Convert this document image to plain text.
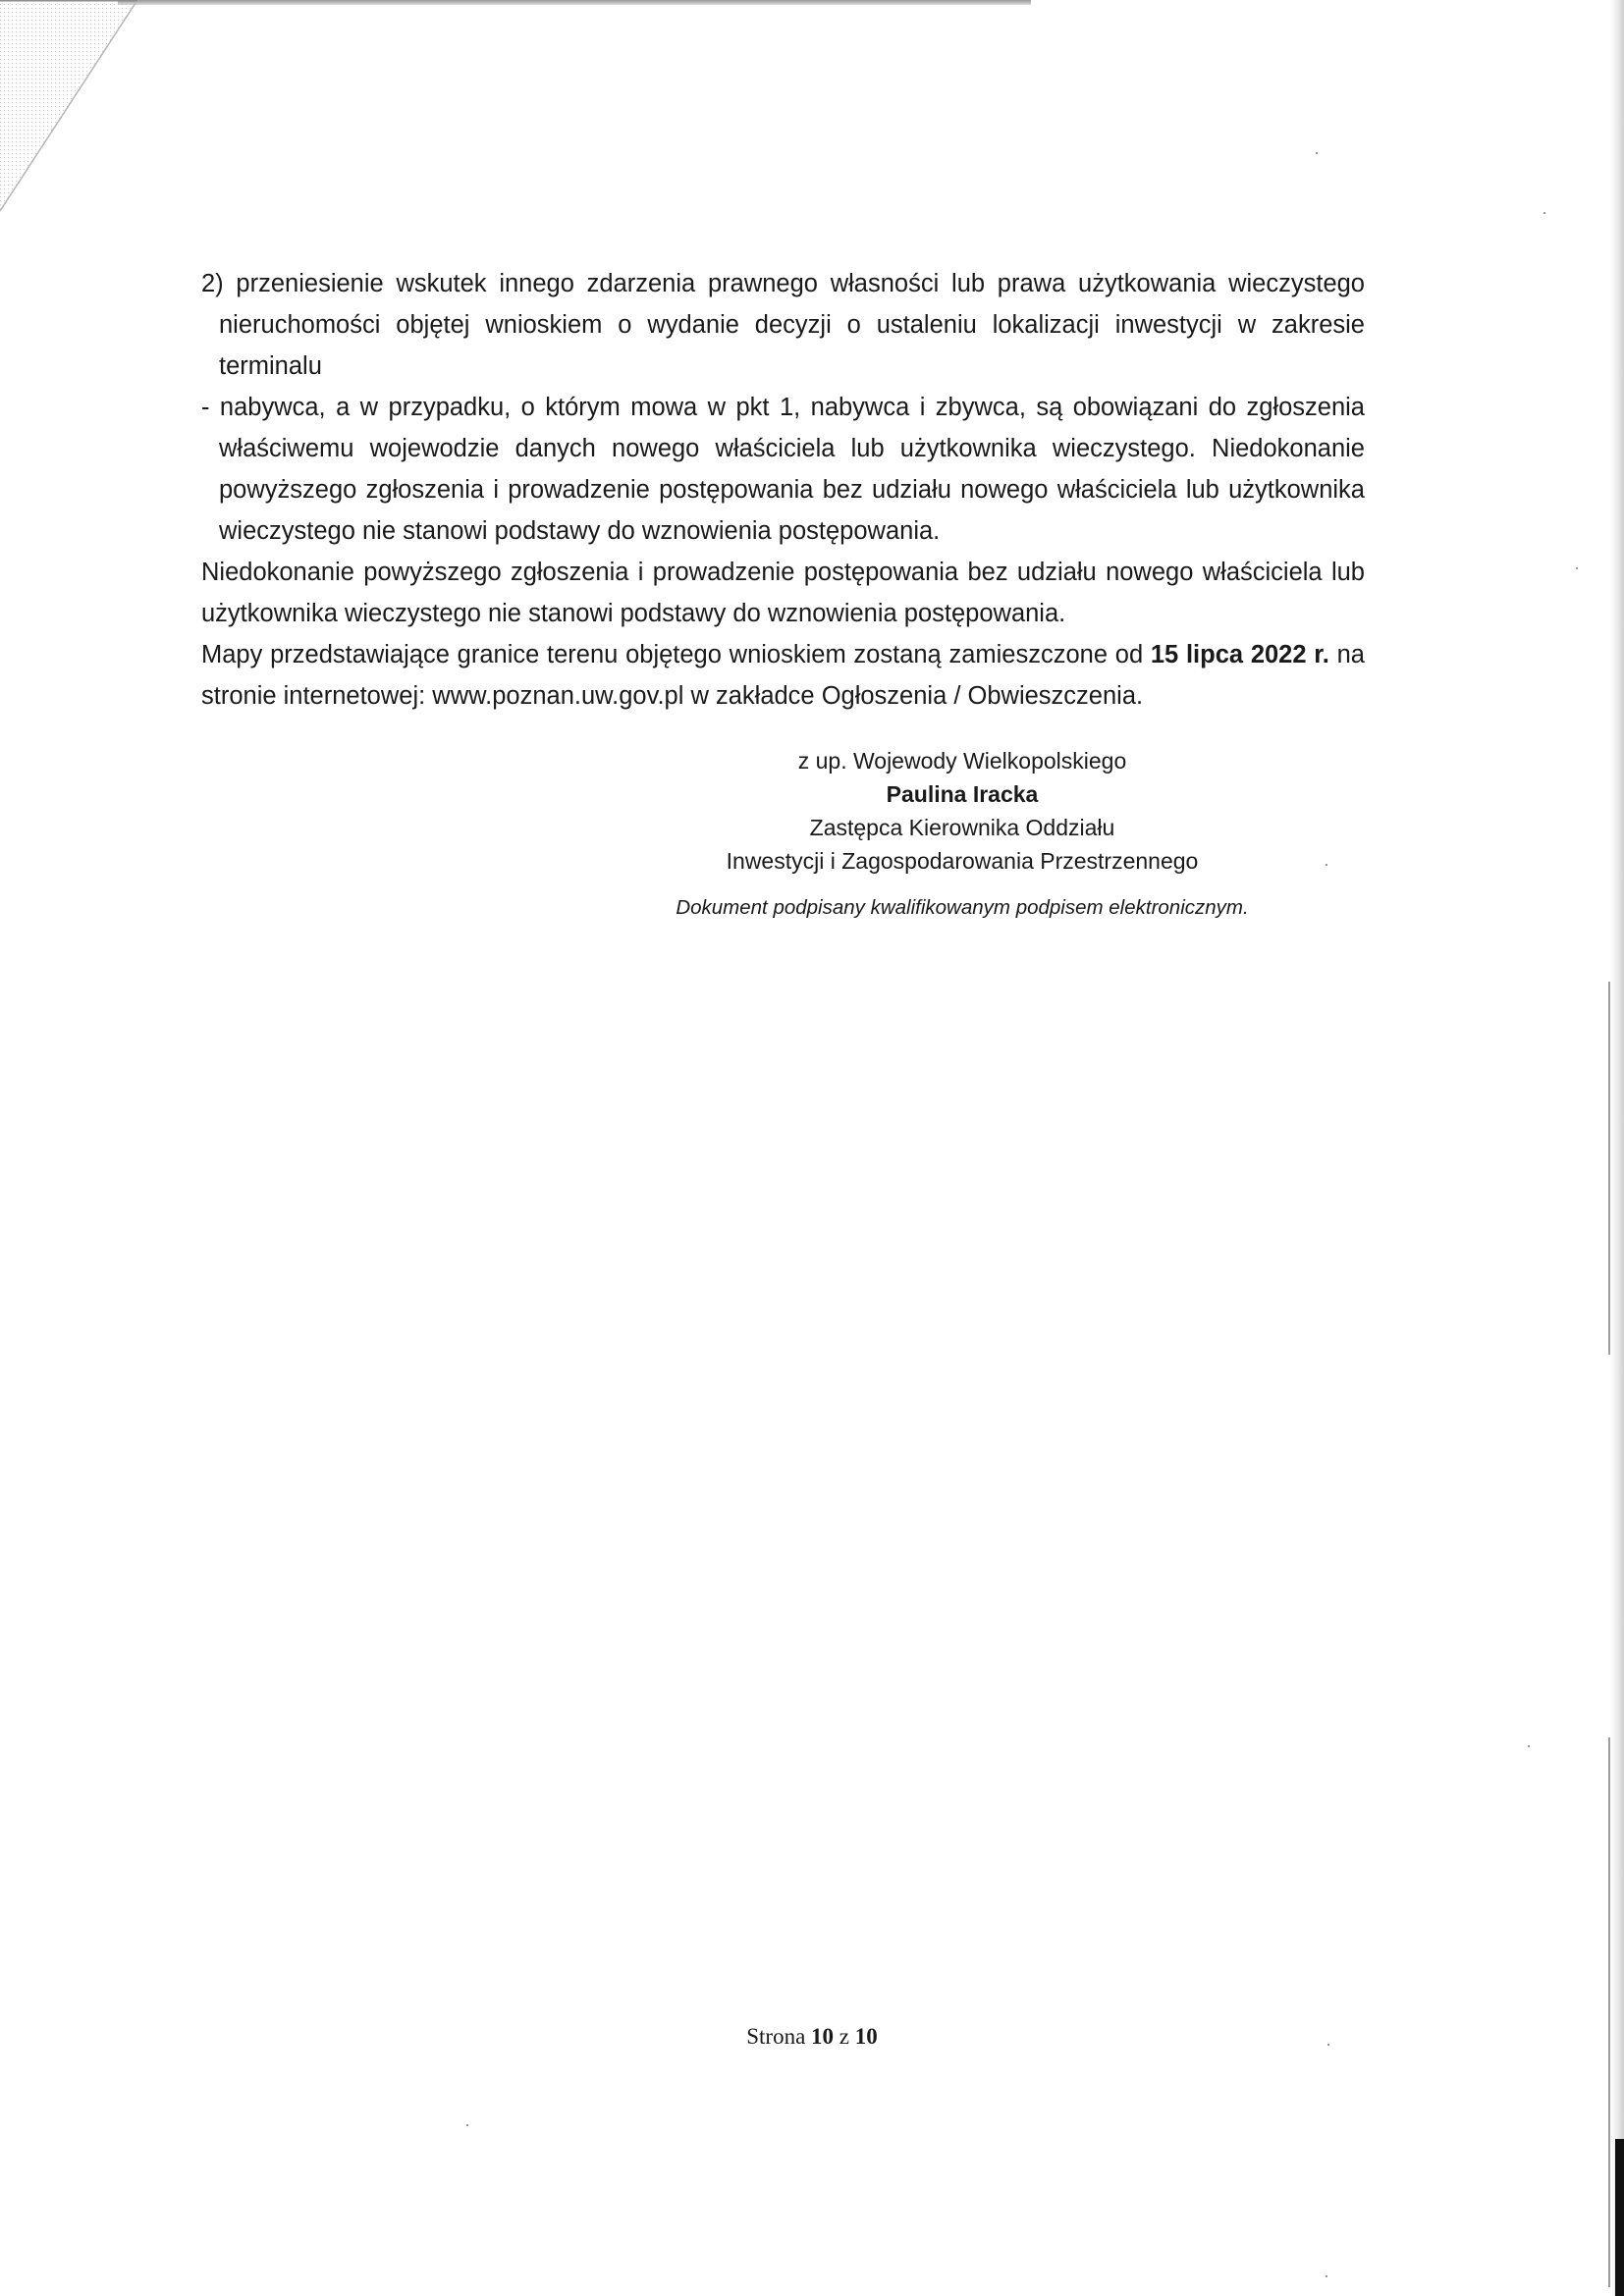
2) przeniesienie wskutek innego zdarzenia prawnego własności lub prawa użytkowania wieczystego nieruchomości objętej wnioskiem o wydanie decyzji o ustaleniu lokalizacji inwestycji w zakresie terminalu

- nabywca, a w przypadku, o którym mowa w pkt 1, nabywca i zbywca, są obowiązani do zgłoszenia właściwemu wojewodzie danych nowego właściciela lub użytkownika wieczystego. Niedokonanie powyższego zgłoszenia i prowadzenie postępowania bez udziału nowego właściciela lub użytkownika wieczystego nie stanowi podstawy do wznowienia postępowania.

Niedokonanie powyższego zgłoszenia i prowadzenie postępowania bez udziału nowego właściciela lub użytkownika wieczystego nie stanowi podstawy do wznowienia postępowania.

Mapy przedstawiające granice terenu objętego wnioskiem zostaną zamieszczone od 15 lipca 2022 r. na stronie internetowej: www.poznan.uw.gov.pl w zakładce Ogłoszenia / Obwieszczenia.

z up. Wojewody Wielkopolskiego
Paulina Iracka
Zastępca Kierownika Oddziału
Inwestycji i Zagospodarowania Przestrzennego
Dokument podpisany kwalifikowanym podpisem elektronicznym.
Strona 10 z 10
